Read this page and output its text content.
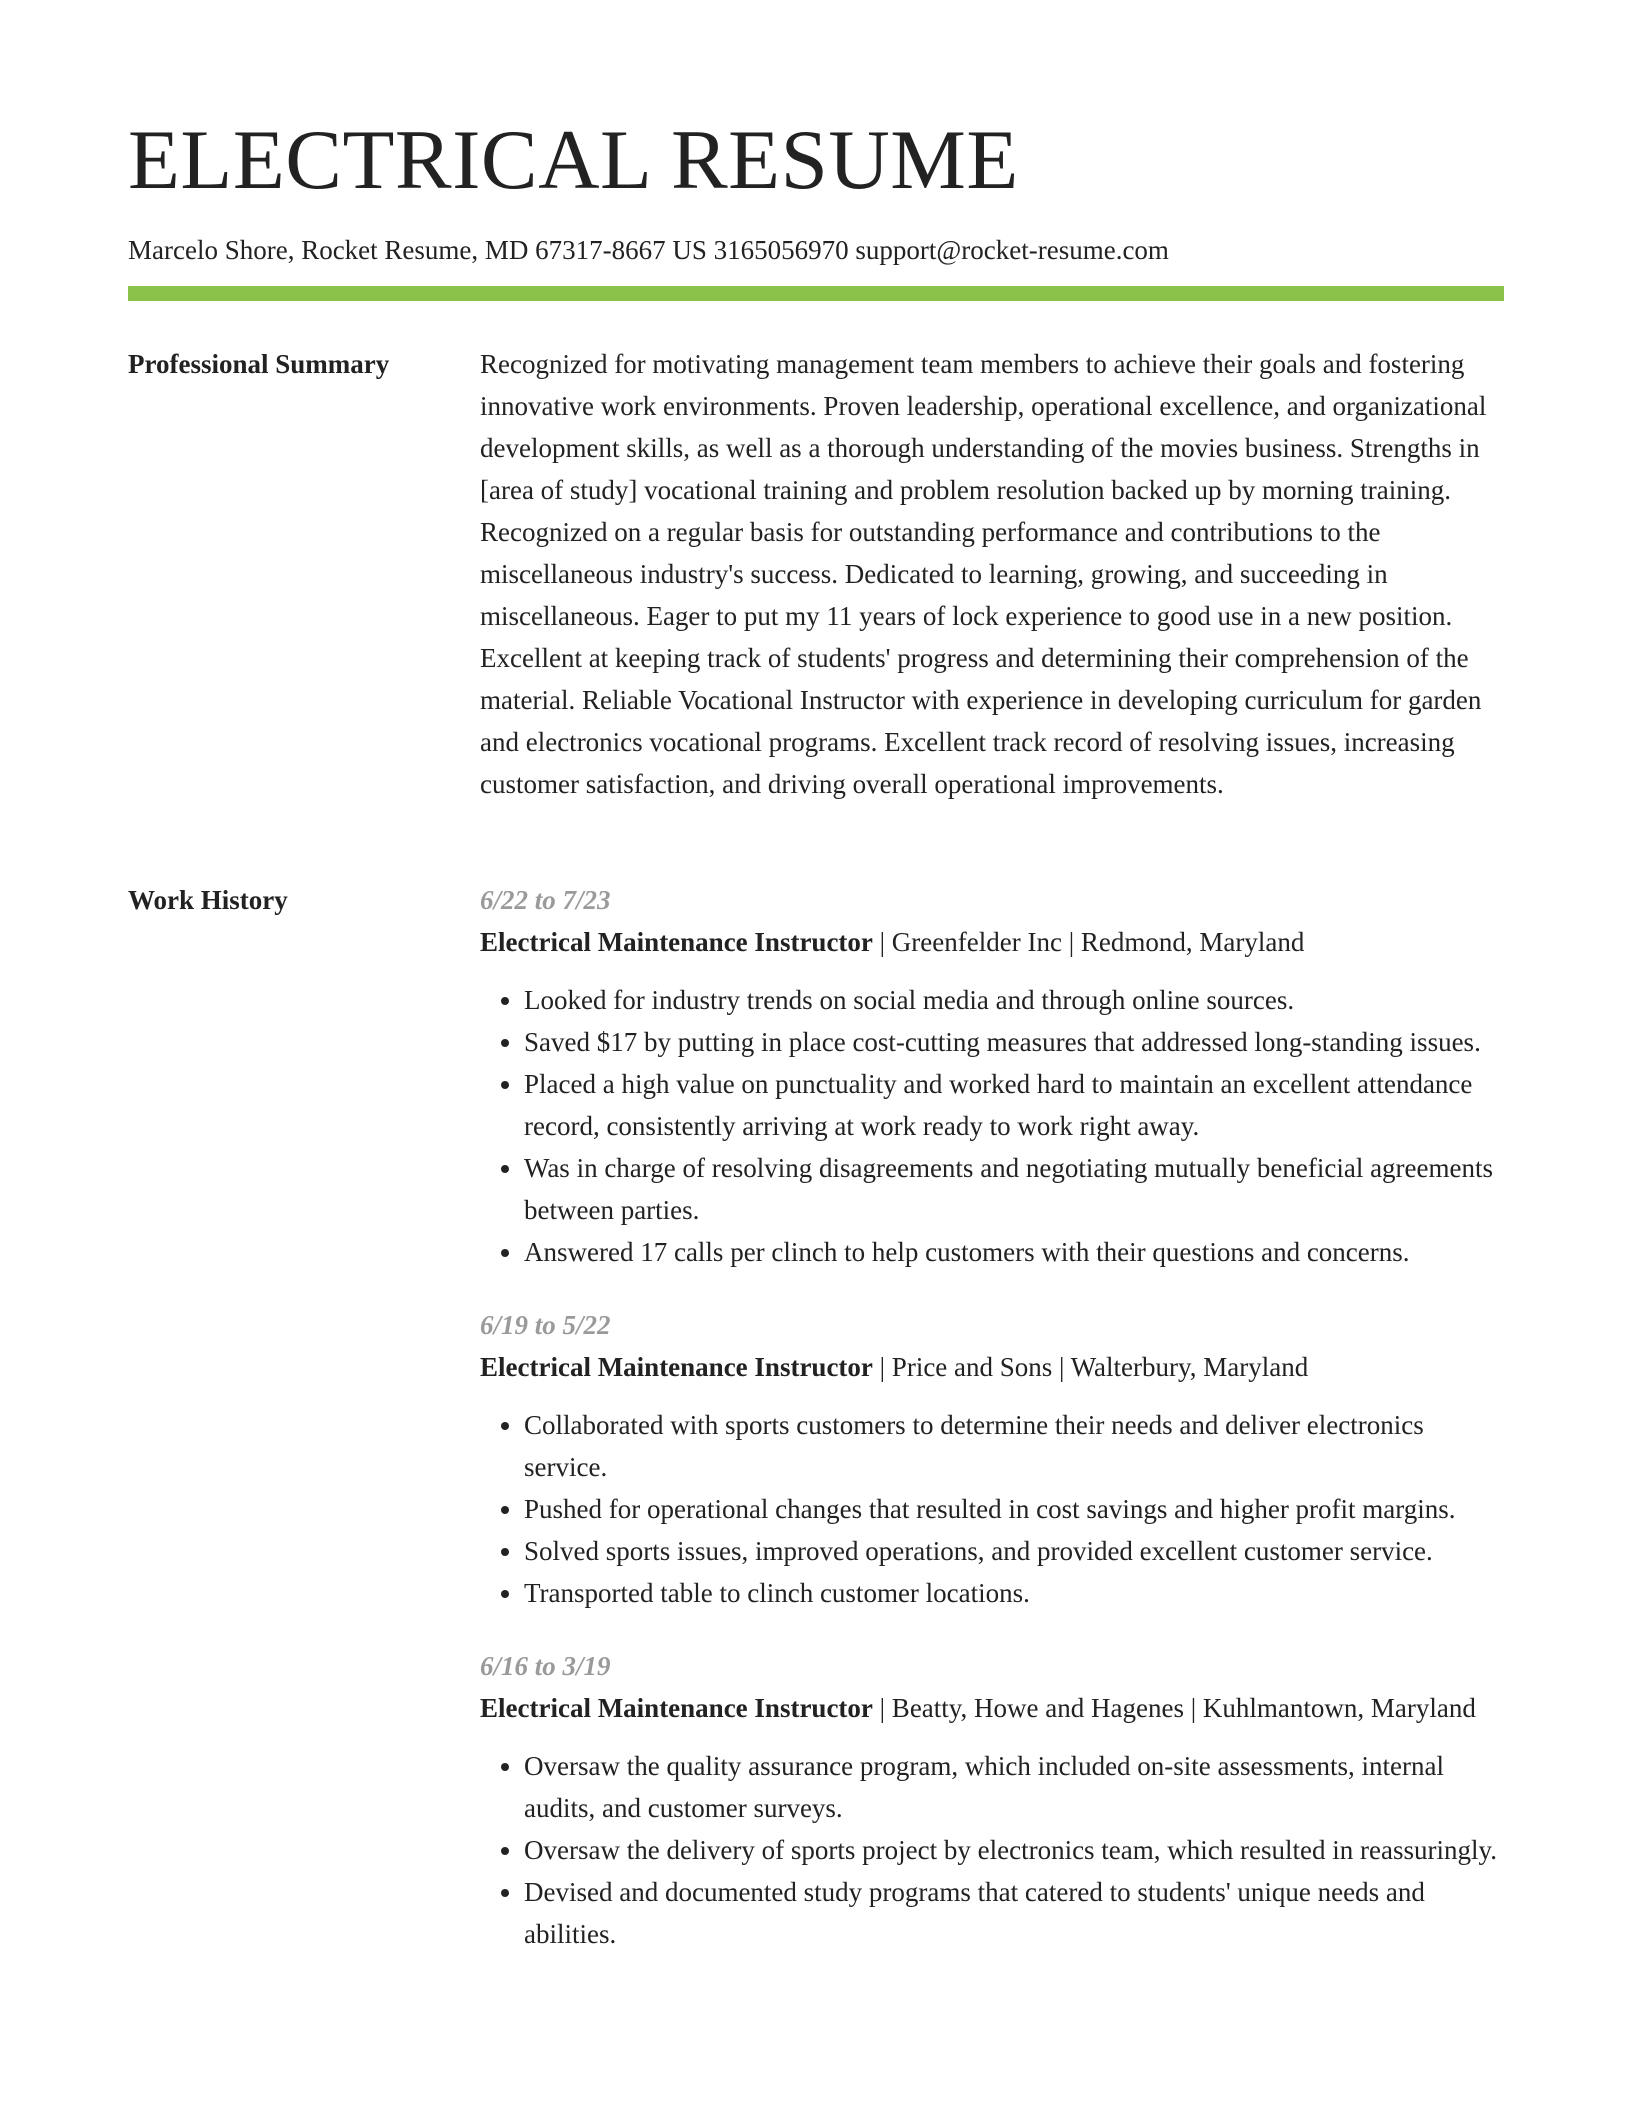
ELECTRICAL RESUME
Marcelo Shore, Rocket Resume, MD 67317-8667 US 3165056970 support@rocket-resume.com
Professional Summary	Recognized for motivating management team members to achieve their goals and fostering innovative work environments. Proven leadership, operational excellence, and organizational development skills, as well as a thorough understanding of the movies business. Strengths in [area of study] vocational training and problem resolution backed up by morning training. Recognized on a regular basis for outstanding performance and contributions to the miscellaneous industry's success. Dedicated to learning, growing, and succeeding in miscellaneous. Eager to put my 11 years of lock experience to good use in a new position. Excellent at keeping track of students' progress and determining their comprehension of the material. Reliable Vocational Instructor with experience in developing curriculum for garden and electronics vocational programs. Excellent track record of resolving issues, increasing customer satisfaction, and driving overall operational improvements.

Work History	6/22 to 7/23
Electrical Maintenance Instructor | Greenfelder Inc | Redmond, Maryland
• Looked for industry trends on social media and through online sources.
• Saved $17 by putting in place cost-cutting measures that addressed long-standing issues.
• Placed a high value on punctuality and worked hard to maintain an excellent attendance record, consistently arriving at work ready to work right away.
• Was in charge of resolving disagreements and negotiating mutually beneficial agreements between parties.
• Answered 17 calls per clinch to help customers with their questions and concerns.
6/19 to 5/22
Electrical Maintenance Instructor | Price and Sons | Walterbury, Maryland
• Collaborated with sports customers to determine their needs and deliver electronics service.
• Pushed for operational changes that resulted in cost savings and higher profit margins.
• Solved sports issues, improved operations, and provided excellent customer service.
• Transported table to clinch customer locations.
6/16 to 3/19
Electrical Maintenance Instructor | Beatty, Howe and Hagenes | Kuhlmantown, Maryland
• Oversaw the quality assurance program, which included on-site assessments, internal audits, and customer surveys.
• Oversaw the delivery of sports project by electronics team, which resulted in reassuringly.
• Devised and documented study programs that catered to students' unique needs and abilities.
